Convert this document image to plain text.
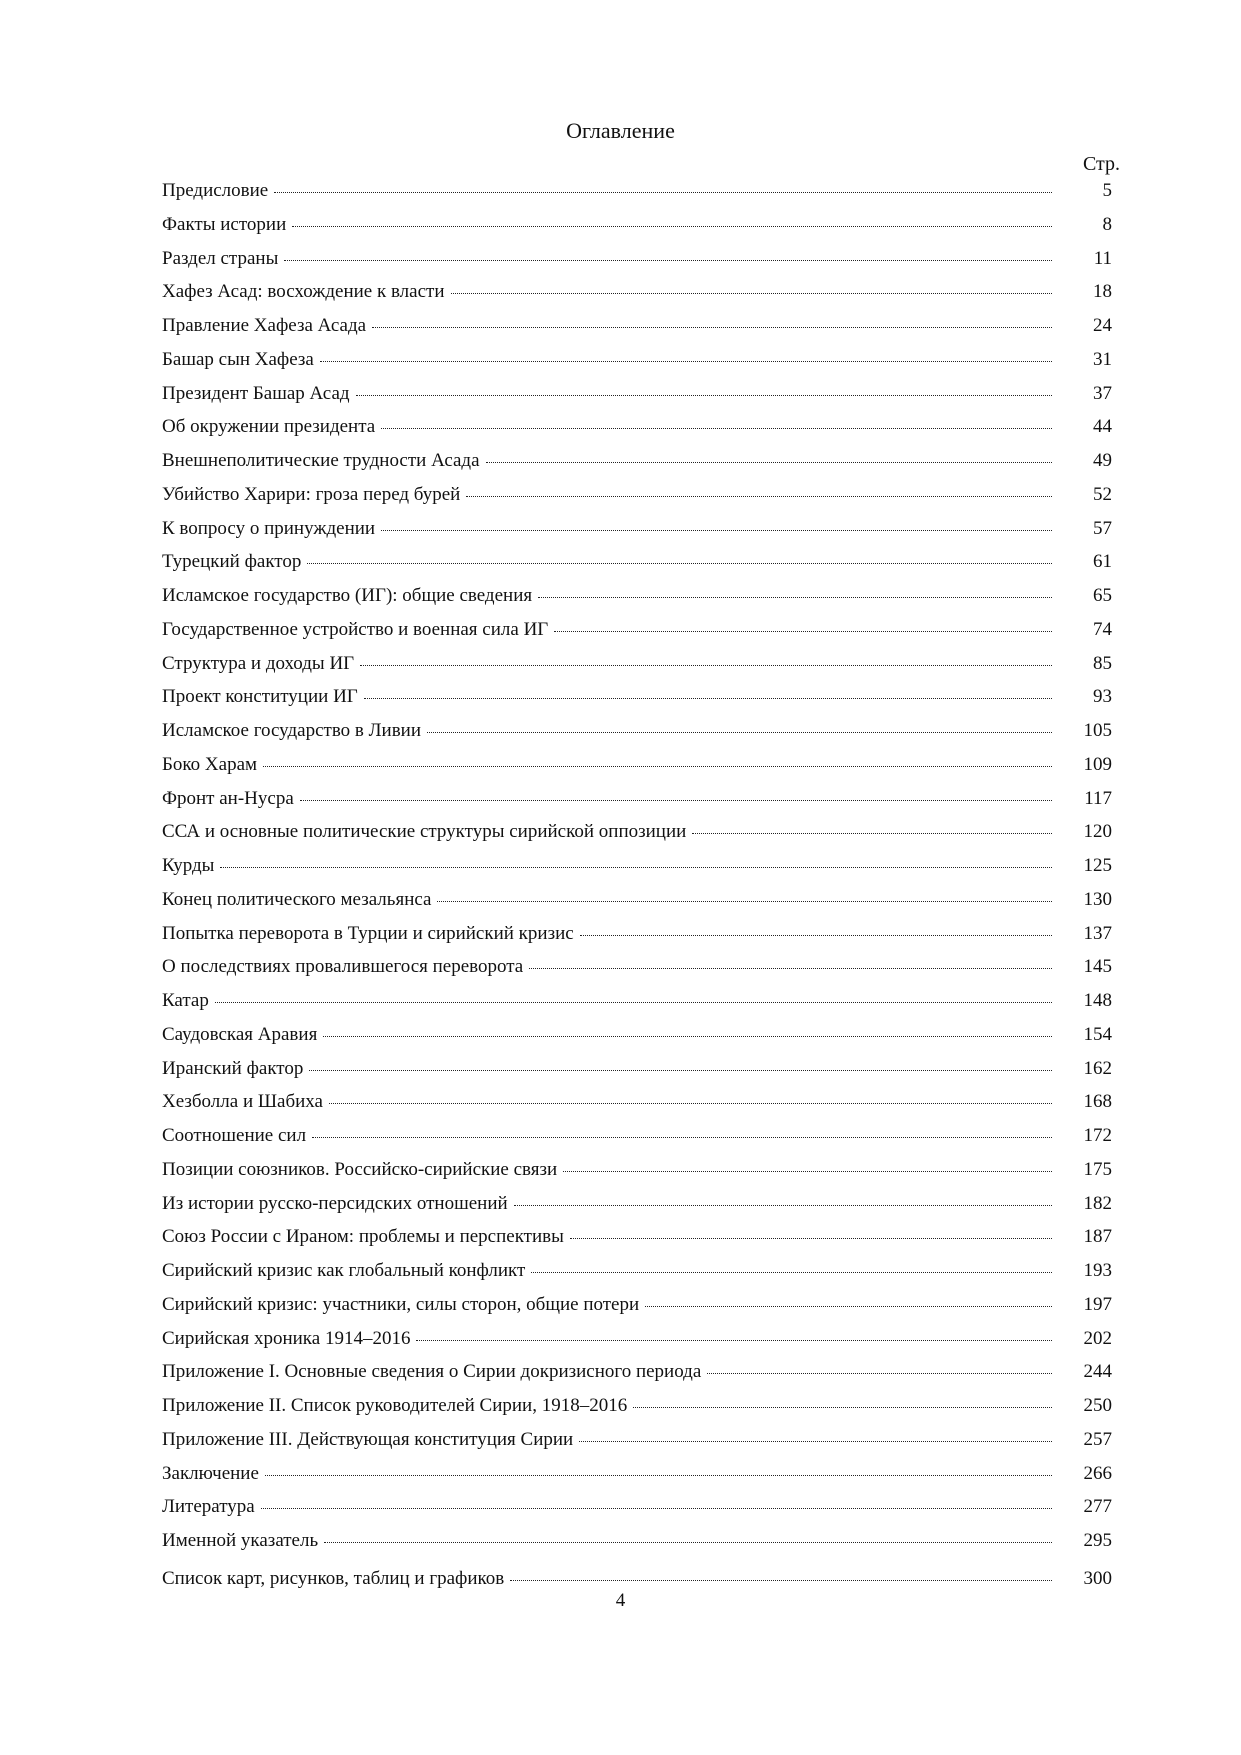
Оглавление
Стр.
Предисловие	5
Факты истории	8
Раздел страны	11
Хафез Асад: восхождение к власти	18
Правление Хафеза Асада	24
Башар сын Хафеза	31
Президент Башар Асад	37
Об окружении президента	44
Внешнеполитические трудности Асада	49
Убийство Харири: гроза перед бурей	52
К вопросу о принуждении	57
Турецкий фактор	61
Исламское государство (ИГ): общие сведения	65
Государственное устройство и военная сила ИГ	74
Структура и доходы ИГ	85
Проект конституции ИГ	93
Исламское государство в Ливии	105
Боко Харам	109
Фронт ан-Нусра	117
ССА и основные политические структуры сирийской оппозиции	120
Курды	125
Конец политического мезальянса	130
Попытка переворота в Турции и сирийский кризис	137
О последствиях провалившегося переворота	145
Катар	148
Саудовская Аравия	154
Иранский фактор	162
Хезболла и Шабиха	168
Соотношение сил	172
Позиции союзников. Российско-сирийские связи	175
Из истории русско-персидских отношений	182
Союз России с Ираном: проблемы и перспективы	187
Сирийский кризис как глобальный конфликт	193
Сирийский кризис: участники, силы сторон, общие потери	197
Сирийская хроника 1914–2016	202
Приложение I. Основные сведения о Сирии докризисного периода	244
Приложение II. Список руководителей Сирии, 1918–2016	250
Приложение III. Действующая конституция Сирии	257
Заключение	266
Литература	277
Именной указатель	295
Список карт, рисунков, таблиц и графиков	300
4
